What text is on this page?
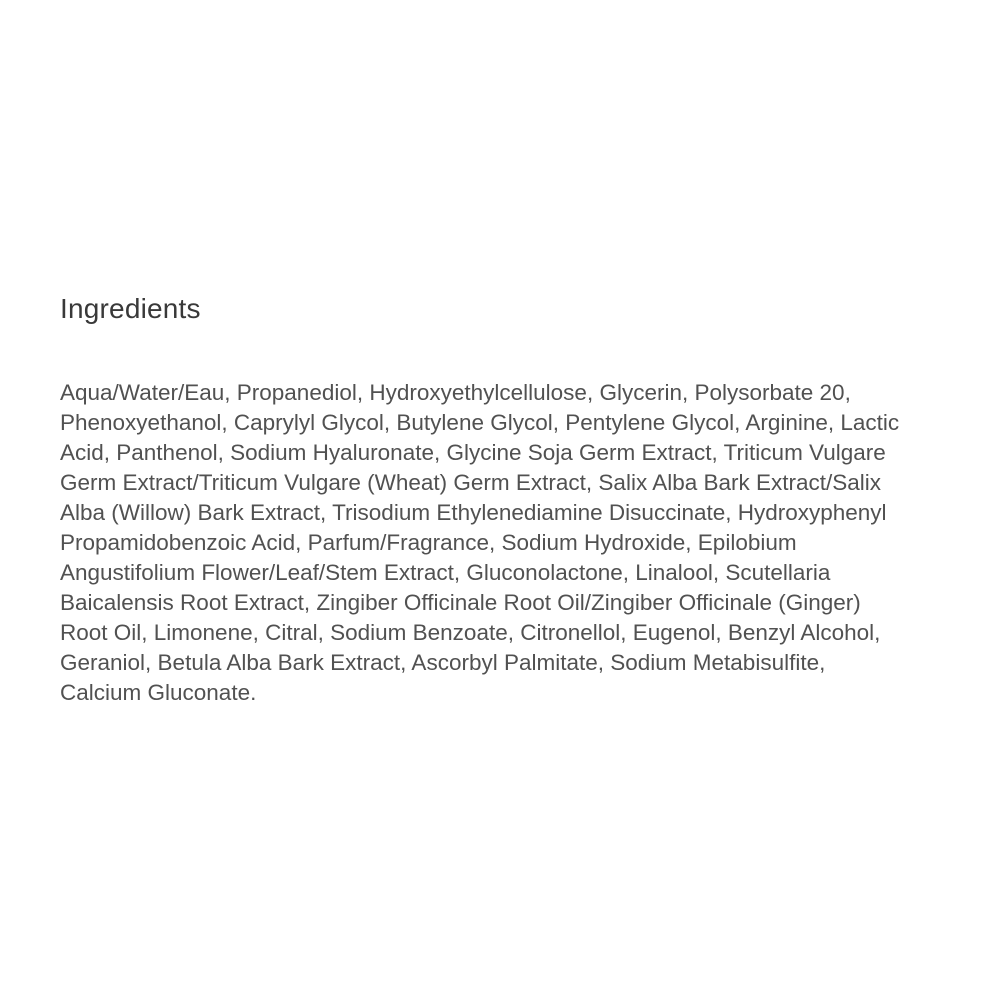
Ingredients

Aqua/Water/Eau, Propanediol, Hydroxyethylcellulose, Glycerin, Polysorbate 20, Phenoxyethanol, Caprylyl Glycol, Butylene Glycol, Pentylene Glycol, Arginine, Lactic Acid, Panthenol, Sodium Hyaluronate, Glycine Soja Germ Extract, Triticum Vulgare Germ Extract/Triticum Vulgare (Wheat) Germ Extract, Salix Alba Bark Extract/Salix Alba (Willow) Bark Extract, Trisodium Ethylenediamine Disuccinate, Hydroxyphenyl Propamidobenzoic Acid, Parfum/Fragrance, Sodium Hydroxide, Epilobium Angustifolium Flower/Leaf/Stem Extract, Gluconolactone, Linalool, Scutellaria Baicalensis Root Extract, Zingiber Officinale Root Oil/Zingiber Officinale (Ginger) Root Oil, Limonene, Citral, Sodium Benzoate, Citronellol, Eugenol, Benzyl Alcohol, Geraniol, Betula Alba Bark Extract, Ascorbyl Palmitate, Sodium Metabisulfite, Calcium Gluconate.
